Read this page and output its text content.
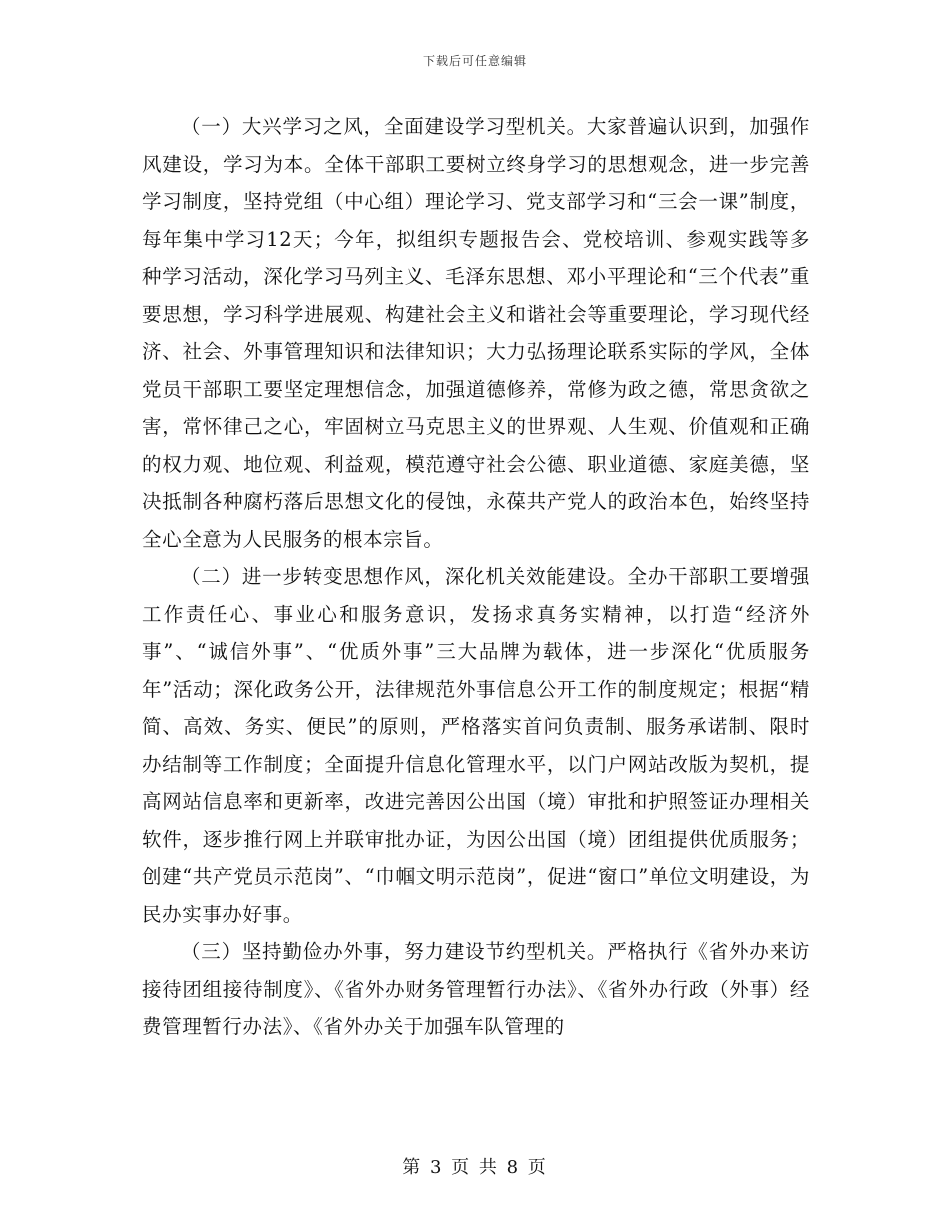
下载后可任意编辑

（一）大兴学习之风，全面建设学习型机关。大家普遍认识到，加强作风建设，学习为本。全体干部职工要树立终身学习的思想观念，进一步完善学习制度，坚持党组（中心组）理论学习、党支部学习和“三会一课”制度，每年集中学习12天；今年，拟组织专题报告会、党校培训、参观实践等多种学习活动，深化学习马列主义、毛泽东思想、邓小平理论和“三个代表”重要思想，学习科学进展观、构建社会主义和谐社会等重要理论，学习现代经济、社会、外事管理知识和法律知识；大力弘扬理论联系实际的学风，全体党员干部职工要坚定理想信念，加强道德修养，常修为政之德，常思贪欲之害，常怀律己之心，牢固树立马克思主义的世界观、人生观、价值观和正确的权力观、地位观、利益观，模范遵守社会公德、职业道德、家庭美德，坚决抵制各种腐朽落后思想文化的侵蚀，永葆共产党人的政治本色，始终坚持全心全意为人民服务的根本宗旨。

（二）进一步转变思想作风，深化机关效能建设。全办干部职工要增强工作责任心、事业心和服务意识，发扬求真务实精神，以打造“经济外事”、“诚信外事”、“优质外事”三大品牌为载体，进一步深化“优质服务年”活动；深化政务公开，法律规范外事信息公开工作的制度规定；根据“精简、高效、务实、便民”的原则，严格落实首问负责制、服务承诺制、限时办结制等工作制度；全面提升信息化管理水平，以门户网站改版为契机，提高网站信息率和更新率，改进完善因公出国（境）审批和护照签证办理相关软件，逐步推行网上并联审批办证，为因公出国（境）团组提供优质服务；创建“共产党员示范岗”、“巾帼文明示范岗”，促进“窗口”单位文明建设，为民办实事办好事。

（三）坚持勤俭办外事，努力建设节约型机关。严格执行《省外办来访接待团组接待制度》、《省外办财务管理暂行办法》、《省外办行政（外事）经费管理暂行办法》、《省外办关于加强车队管理的

第 3 页 共 8 页
